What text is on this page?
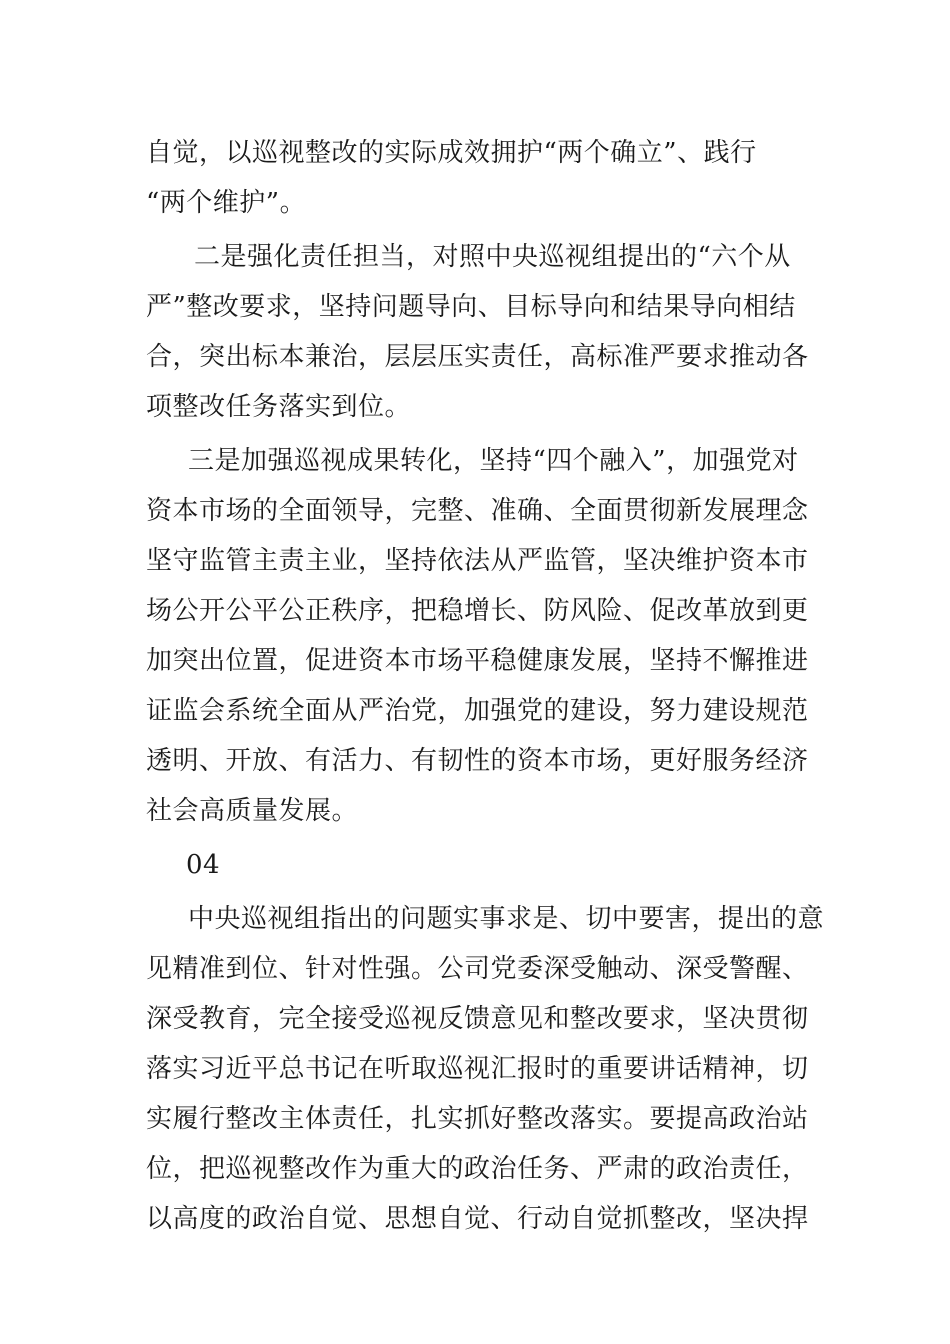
自觉，以巡视整改的实际成效拥护“两个确立”、践行
“两个维护”。
二是强化责任担当，对照中央巡视组提出的“六个从
严”整改要求，坚持问题导向、目标导向和结果导向相结
合，突出标本兼治，层层压实责任，高标准严要求推动各
项整改任务落实到位。
三是加强巡视成果转化，坚持“四个融入”，加强党对
资本市场的全面领导，完整、准确、全面贯彻新发展理念
坚守监管主责主业，坚持依法从严监管，坚决维护资本市
场公开公平公正秩序，把稳增长、防风险、促改革放到更
加突出位置，促进资本市场平稳健康发展，坚持不懈推进
证监会系统全面从严治党，加强党的建设，努力建设规范
透明、开放、有活力、有韧性的资本市场，更好服务经济
社会高质量发展。
04
中央巡视组指出的问题实事求是、切中要害，提出的意
见精准到位、针对性强。公司党委深受触动、深受警醒、
深受教育，完全接受巡视反馈意见和整改要求，坚决贯彻
落实习近平总书记在听取巡视汇报时的重要讲话精神，切
实履行整改主体责任，扎实抓好整改落实。要提高政治站
位，把巡视整改作为重大的政治任务、严肃的政治责任，
以高度的政治自觉、思想自觉、行动自觉抓整改，坚决捍
